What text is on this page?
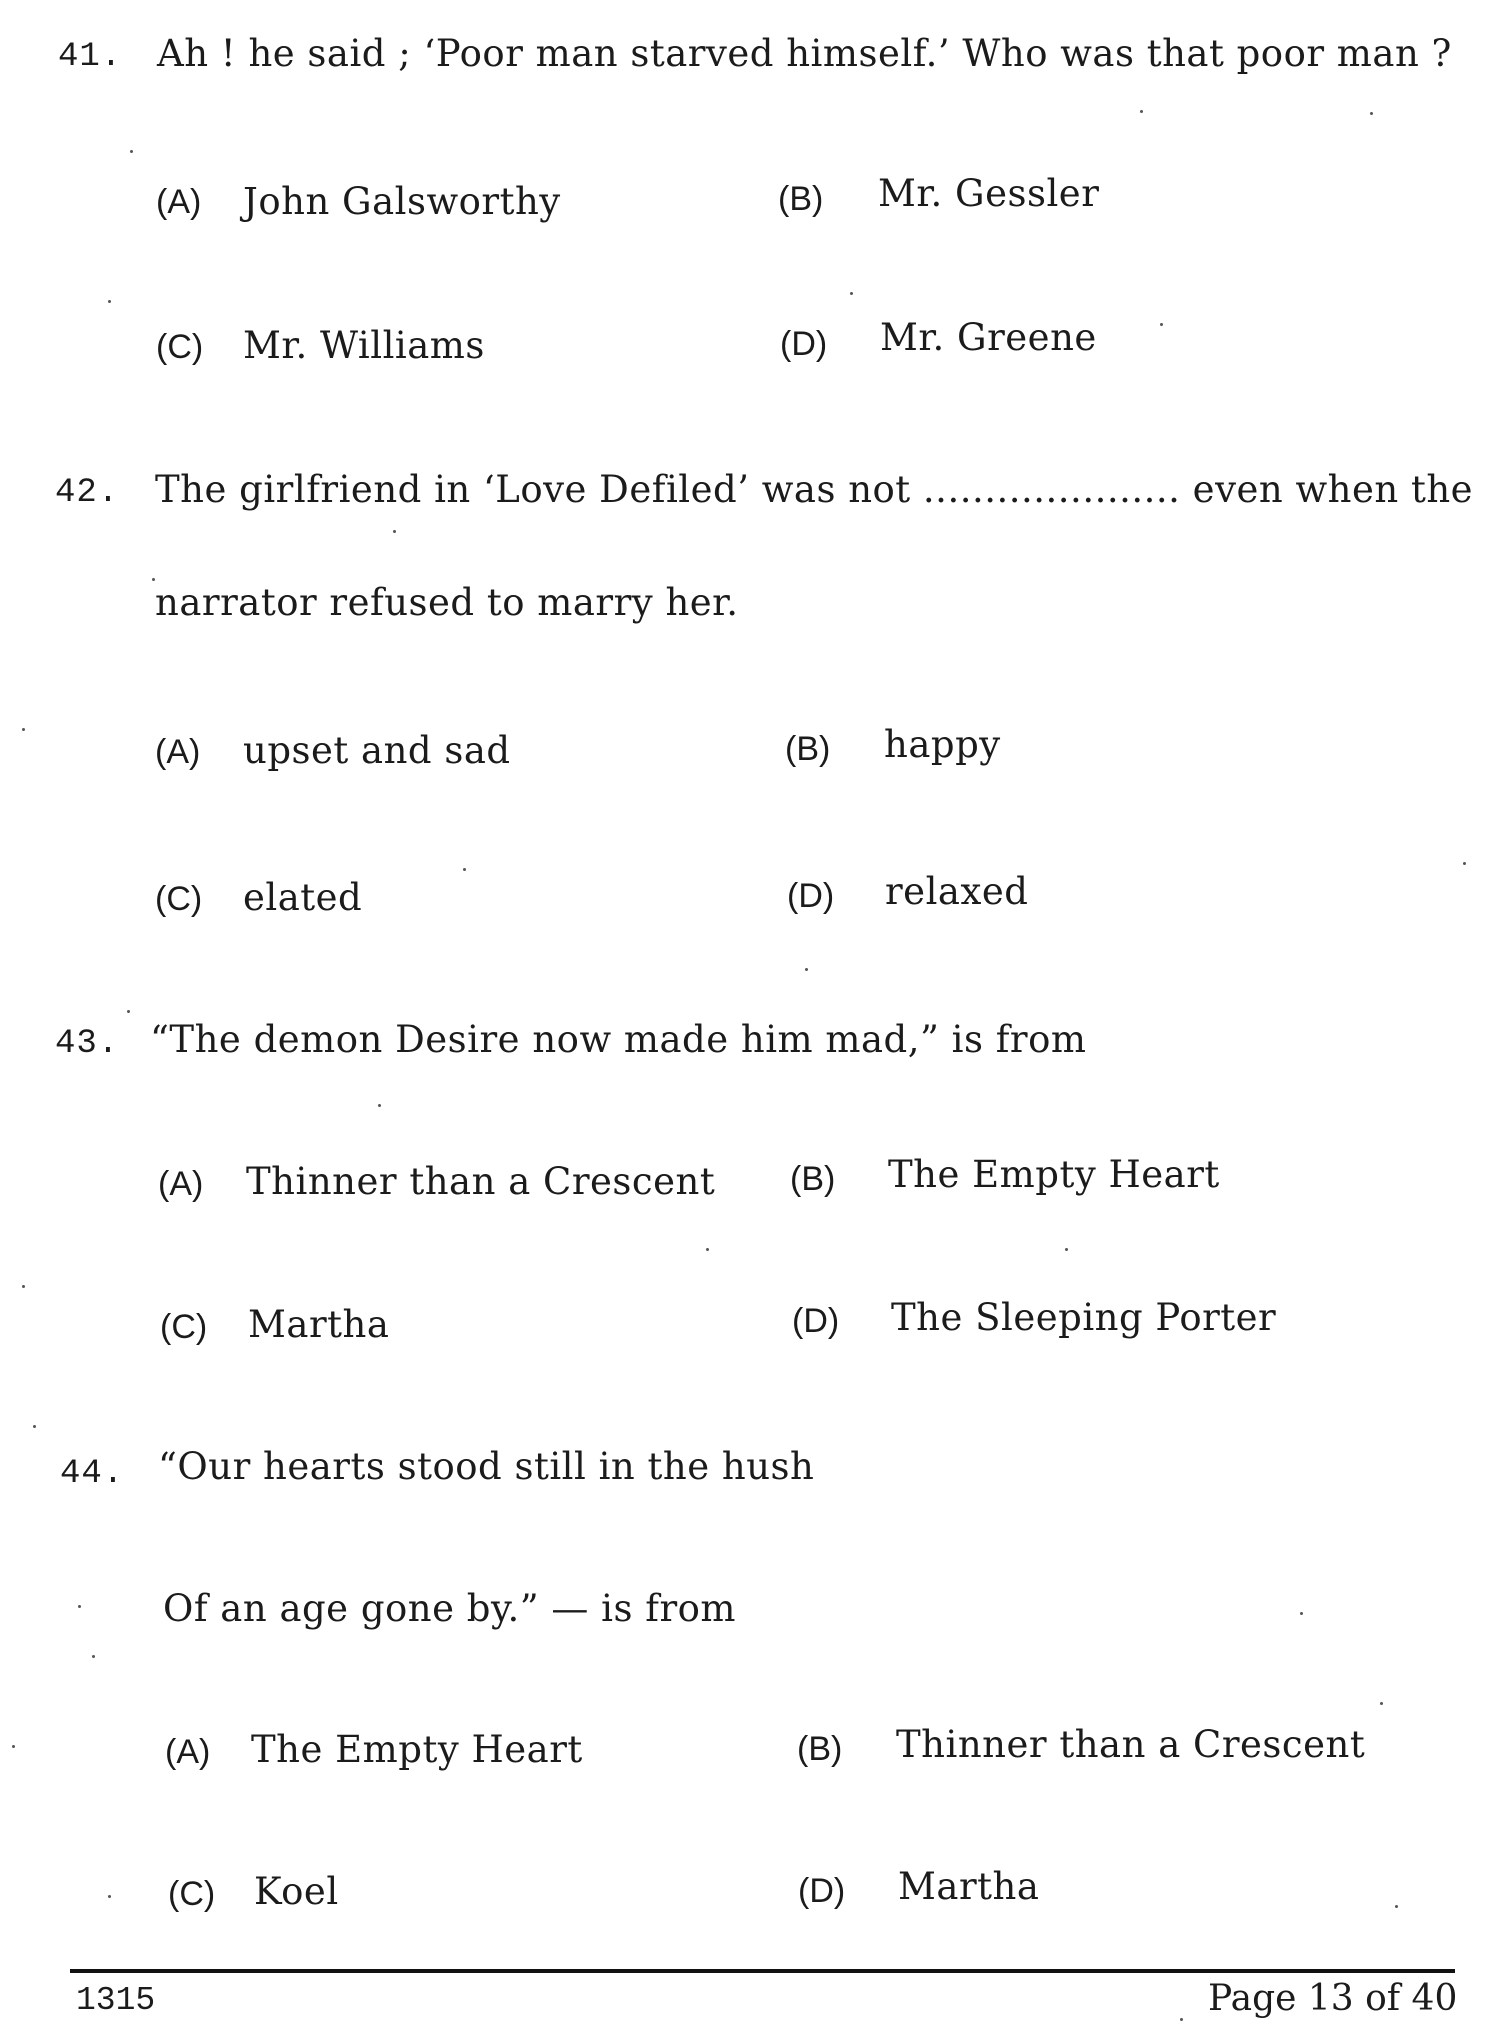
41. Ah ! he said ; ‘Poor man starved himself.’ Who was that poor man ?
(A) John Galsworthy	(B) Mr. Gessler
(C) Mr. Williams	(D) Mr. Greene
42. The girlfriend in ‘Love Defiled’ was not ..................... even when the
narrator refused to marry her.
(A) upset and sad	(B) happy
(C) elated	(D) relaxed
43. “The demon Desire now made him mad,” is from
(A) Thinner than a Crescent (B) The Empty Heart
(C) Martha	(D) The Sleeping Porter
44. “Our hearts stood still in the hush
Of an age gone by.” — is from
(A) The Empty Heart	(B) Thinner than a Crescent
(C) Koel	(D) Martha
1315	Page 13 of 40
